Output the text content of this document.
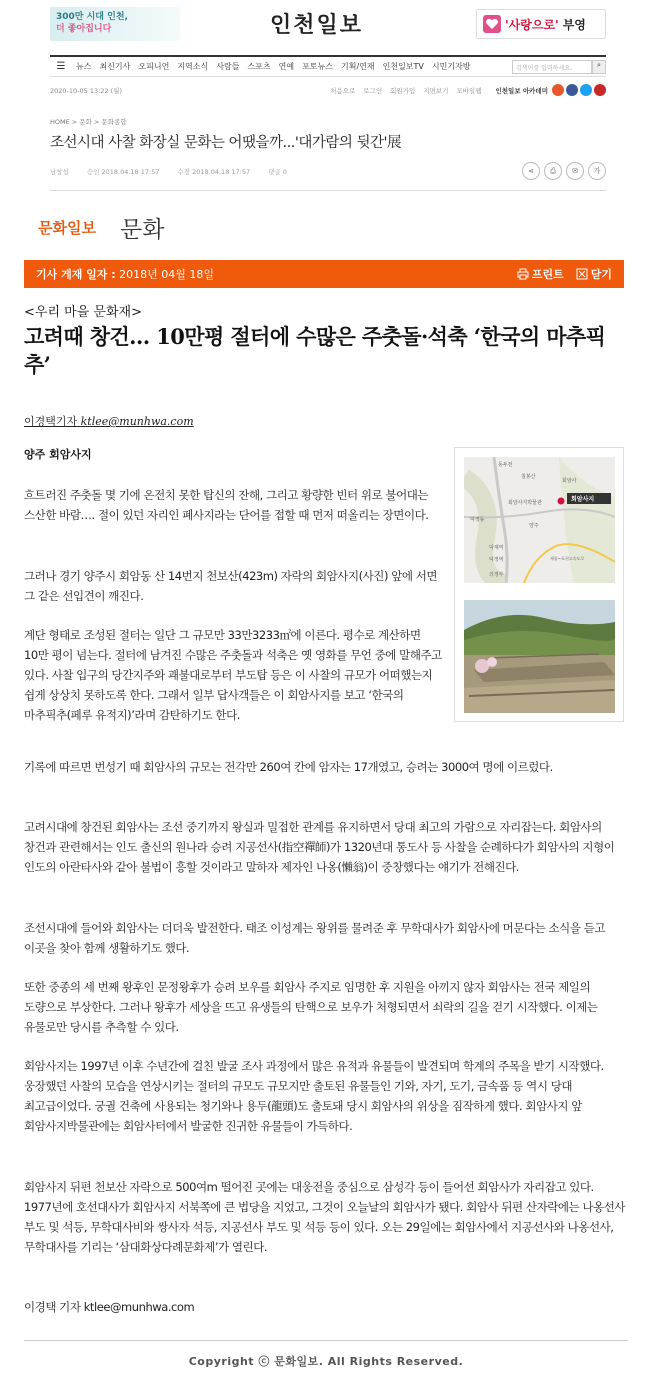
300만 시대 인천,
더 좋아집니다	인천일보	'사랑으로' 부영
☰	뉴스	최신기사	오피니언	지역소식	사람들	스포츠	연예	포토뉴스	기획/연재	인천일보TV	시민기자방	검색어를 입력하세요.	⌕
2020-10-05 13:22 (월)	처음으로 로그인 회원가입 지면보기 모바일웹 인천일보 아카데미
HOME > 문화 > 문화종합
조선시대 사찰 화장실 문화는 어땠을까...'대가람의 뒷간'展
남창섭	승인 2018.04.18 17:57	수정 2018.04.18 17:57	댓글 0	⋖	⎙	✉	가
문화일보 문화
기사 게재 일자 :
2018년 04월 18일	프린트 닫기
<우리 마을 문화재>
고려때 창건… 10만평 절터에 수많은 주춧돌·석축 ‘한국의 마추픽추’
이경택기자 ktlee@munhwa.com
양주 회암사지
흐트러진 주춧돌 몇 기에 온전치 못한 탑신의 잔해, 그리고 황량한 빈터 위로 불어대는 스산한 바람…. 절이 있던 자리인 폐사지라는 단어를 접할 때 먼저 떠올리는 장면이다.
그러나 경기 양주시 회암동 산 14번지 천보산(423m) 자락의 회암사지(사진) 앞에 서면 그 같은 선입견이 깨진다.
계단 형태로 조성된 절터는 일단 그 규모만 33만3233㎡에 이른다. 평수로 계산하면 10만 평이 넘는다. 절터에 남겨진 수많은 주춧돌과 석축은 옛 영화를 무언 중에 말해주고 있다. 사찰 입구의 당간지주와 괘불대로부터 부도탑 등은 이 사찰의 규모가 어떠했는지 쉽게 상상치 못하도록 한다. 그래서 일부 답사객들은 이 회암사지를 보고 ‘한국의 마추픽추(페루 유적지)’라며 감탄하기도 한다.
기록에 따르면 번성기 때 회암사의 규모는 전각만 260여 칸에 암자는 17개였고, 승려는 3000여 명에 이르렀다.
고려시대에 창건된 회암사는 조선 중기까지 왕실과 밀접한 관계를 유지하면서 당대 최고의 가람으로 자리잡는다. 회암사의 창건과 관련해서는 인도 출신의 원나라 승려 지공선사(指空禪師)가 1320년대 통도사 등 사찰을 순례하다가 회암사의 지형이 인도의 아란타사와 같아 불법이 흥할 것이라고 말하자 제자인 나옹(懶翁)이 중창했다는 얘기가 전해진다.
조선시대에 들어와 회암사는 더더욱 발전한다. 태조 이성계는 왕위를 물려준 후 무학대사가 회암사에 머문다는 소식을 듣고 이곳을 찾아 함께 생활하기도 했다.
또한 중종의 세 번째 왕후인 문정왕후가 승려 보우를 회암사 주지로 임명한 후 지원을 아끼지 않자 회암사는 전국 제일의 도량으로 부상한다. 그러나 왕후가 세상을 뜨고 유생들의 탄핵으로 보우가 처형되면서 쇠락의 길을 걷기 시작했다. 이제는 유물로만 당시를 추측할 수 있다.
회암사지는 1997년 이후 수년간에 걸친 발굴 조사 과정에서 많은 유적과 유물들이 발견되며 학계의 주목을 받기 시작했다. 웅장했던 사찰의 모습을 연상시키는 절터의 규모도 규모지만 출토된 유물들인 기와, 자기, 도기, 금속품 등 역시 당대 최고급이었다. 궁궐 건축에 사용되는 청기와나 용두(龍頭)도 출토돼 당시 회암사의 위상을 짐작하게 했다. 회암사지 앞 회암사지박물관에는 회암사터에서 발굴한 진귀한 유물들이 가득하다.
회암사지 뒤편 천보산 자락으로 500여m 떨어진 곳에는 대웅전을 중심으로 삼성각 등이 들어선 회암사가 자리잡고 있다. 1977년에 호선대사가 회암사지 서북쪽에 큰 법당을 지었고, 그것이 오늘날의 회암사가 됐다. 회암사 뒤편 산자락에는 나옹선사 부도 및 석등, 무학대사비와 쌍사자 석등, 지공선사 부도 및 석등 등이 있다. 오는 29일에는 회암사에서 지공선사와 나옹선사, 무학대사를 기리는 ‘삼대화상다례문화제’가 열린다.
이경택 기자 ktlee@munhwa.com
동두천
칠봉산
회암사
회암사지박물관	회암사지
덕정동
양주
덕계역
덕정역	세종~포천고속도로
의정부
Copyright ⓒ 문화일보. All Rights Reserved.
